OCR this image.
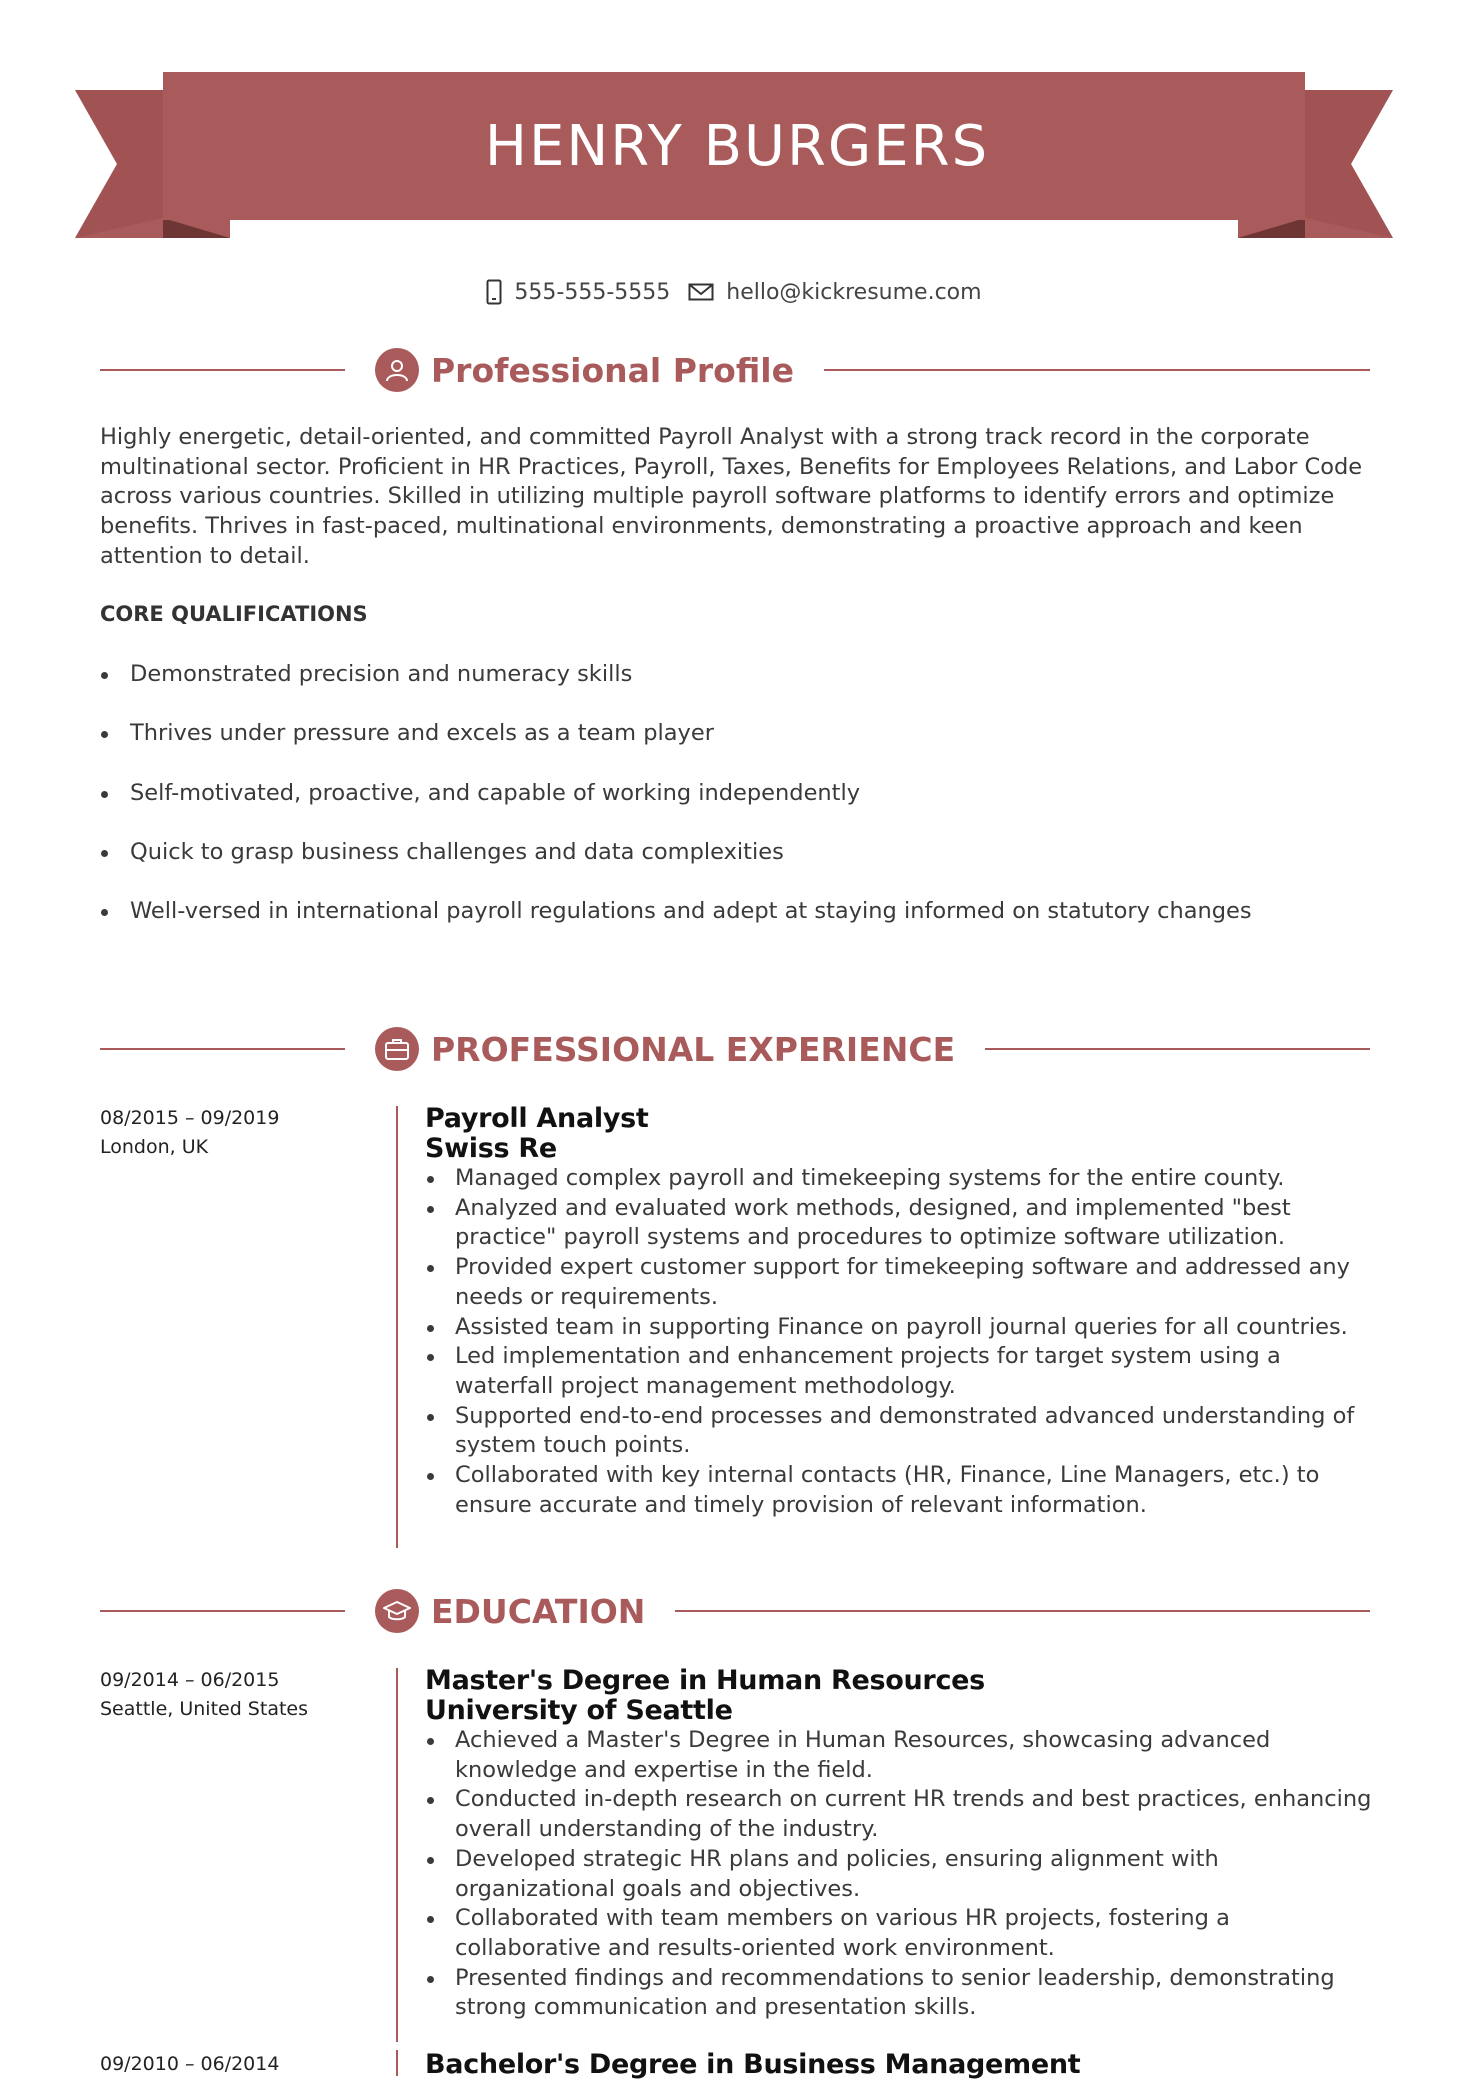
HENRY BURGERS
555-555-5555	hello@kickresume.com
Professional Profile
Highly energetic, detail-oriented, and committed Payroll Analyst with a strong track record in the corporate multinational sector. Proficient in HR Practices, Payroll, Taxes, Benefits for Employees Relations, and Labor Code across various countries. Skilled in utilizing multiple payroll software platforms to identify errors and optimize benefits. Thrives in fast-paced, multinational environments, demonstrating a proactive approach and keen attention to detail.
CORE QUALIFICATIONS
Demonstrated precision and numeracy skills
Thrives under pressure and excels as a team player
Self-motivated, proactive, and capable of working independently
Quick to grasp business challenges and data complexities
Well-versed in international payroll regulations and adept at staying informed on statutory changes
PROFESSIONAL EXPERIENCE
08/2015 – 09/2019
London, UK
Payroll Analyst
Swiss Re
Managed complex payroll and timekeeping systems for the entire county.
Analyzed and evaluated work methods, designed, and implemented "best practice" payroll systems and procedures to optimize software utilization.
Provided expert customer support for timekeeping software and addressed any needs or requirements.
Assisted team in supporting Finance on payroll journal queries for all countries.
Led implementation and enhancement projects for target system using a waterfall project management methodology.
Supported end-to-end processes and demonstrated advanced understanding of system touch points.
Collaborated with key internal contacts (HR, Finance, Line Managers, etc.) to ensure accurate and timely provision of relevant information.
EDUCATION
09/2014 – 06/2015
Seattle, United States
Master's Degree in Human Resources
University of Seattle
Achieved a Master's Degree in Human Resources, showcasing advanced knowledge and expertise in the field.
Conducted in-depth research on current HR trends and best practices, enhancing overall understanding of the industry.
Developed strategic HR plans and policies, ensuring alignment with organizational goals and objectives.
Collaborated with team members on various HR projects, fostering a collaborative and results-oriented work environment.
Presented findings and recommendations to senior leadership, demonstrating strong communication and presentation skills.
09/2010 – 06/2014	Bachelor's Degree in Business Management
